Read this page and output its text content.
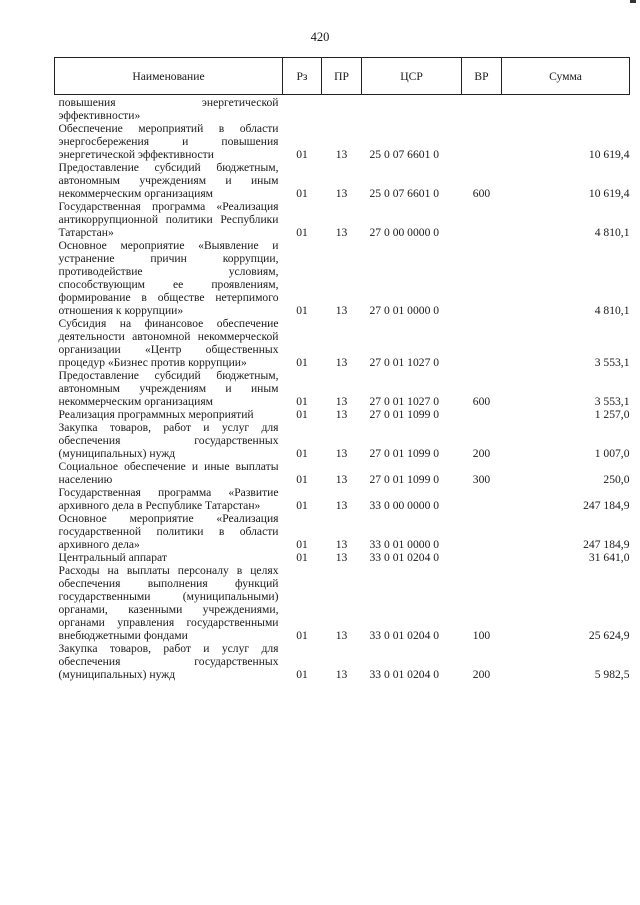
420
Наименование	Рз	ПР	ЦСР	ВР	Сумма
повышения энергетической эффективности»					
Обеспечение мероприятий в области энергосбережения и повышения энергетической эффективности	01	13	25 0 07 6601 0		10 619,4
Предоставление субсидий бюджетным, автономным учреждениям и иным некоммерческим организациям	01	13	25 0 07 6601 0	600	10 619,4
Государственная программа «Реализация антикоррупционной политики Республики Татарстан»	01	13	27 0 00 0000 0		4 810,1
Основное мероприятие «Выявление и устранение причин коррупции, противодействие условиям, способствующим ее проявлениям, формирование в обществе нетерпимого отношения к коррупции»	01	13	27 0 01 0000 0		4 810,1
Субсидия на финансовое обеспечение деятельности автономной некоммерческой организации «Центр общественных процедур «Бизнес против коррупции»	01	13	27 0 01 1027 0		3 553,1
Предоставление субсидий бюджетным, автономным учреждениям и иным некоммерческим организациям	01	13	27 0 01 1027 0	600	3 553,1
Реализация программных мероприятий	01	13	27 0 01 1099 0		1 257,0
Закупка товаров, работ и услуг для обеспечения государственных (муниципальных) нужд	01	13	27 0 01 1099 0	200	1 007,0
Социальное обеспечение и иные выплаты населению	01	13	27 0 01 1099 0	300	250,0
Государственная программа «Развитие архивного дела в Республике Татарстан»	01	13	33 0 00 0000 0		247 184,9
Основное мероприятие «Реализация государственной политики в области архивного дела»	01	13	33 0 01 0000 0		247 184,9
Центральный аппарат	01	13	33 0 01 0204 0		31 641,0
Расходы на выплаты персоналу в целях обеспечения выполнения функций государственными (муниципальными) органами, казенными учреждениями, органами управления государственными внебюджетными фондами	01	13	33 0 01 0204 0	100	25 624,9
Закупка товаров, работ и услуг для обеспечения государственных (муниципальных) нужд	01	13	33 0 01 0204 0	200	5 982,5
